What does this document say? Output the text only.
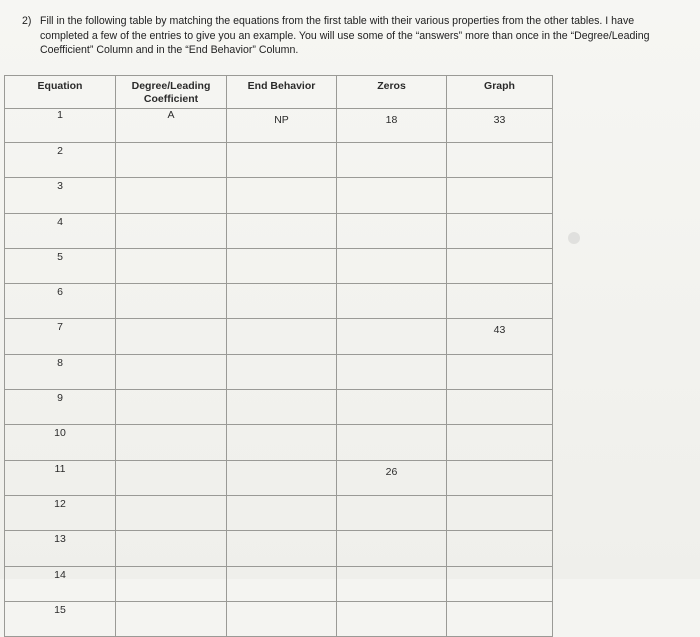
2) Fill in the following table by matching the equations from the first table with their various properties from the other tables. I have
completed a few of the entries to give you an example. You will use some of the “answers” more than once in the “Degree/Leading
Coefficient” Column and in the “End Behavior” Column.
Equation	Degree/Leading
Coefficient	End Behavior	Zeros	Graph
1	A	NP	18	33
2				
3				
4				
5				
6				
7				43
8				
9				
10				
11			26	
12				
13				
14				
15				
